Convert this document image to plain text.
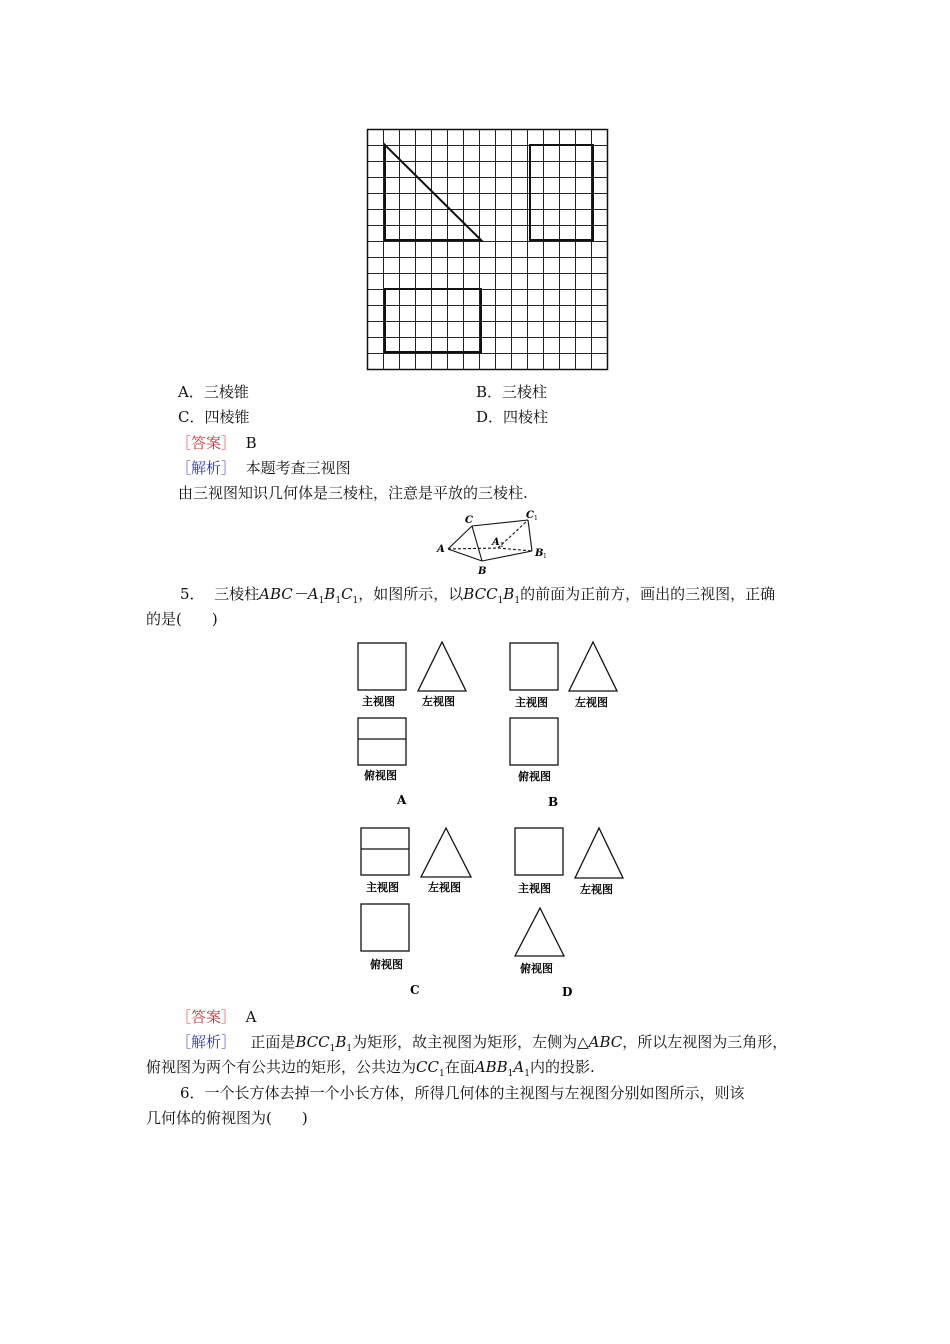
A．三棱锥	B．三棱柱
C．四棱锥	D．四棱柱
［答案］ B
［解析］ 本题考查三视图
由三视图知识几何体是三棱柱，注意是平放的三棱柱.
A
C
B
C 1
A 1
B 1
5． 三棱柱$ABC-A_1B_1C_1$，如图所示，以$BCC_1B_1$的前面为正前方，画出的三视图，正确
的是(　　)
主视图 左视图
俯视图
主视图 左视图
俯视图
主视图	左视图
俯视图
主视图	左视图
俯视图
A	B
C	D
［答案］ A
［解析］ 正面是$BCC_1B_1$为矩形，故主视图为矩形，左侧为△ABC，所以左视图为三角形，
俯视图为两个有公共边的矩形，公共边为$CC_1$在面$ABB_1A_1$内的投影.
6．一个长方体去掉一个小长方体，所得几何体的主视图与左视图分别如图所示，则该
几何体的俯视图为(　　)
